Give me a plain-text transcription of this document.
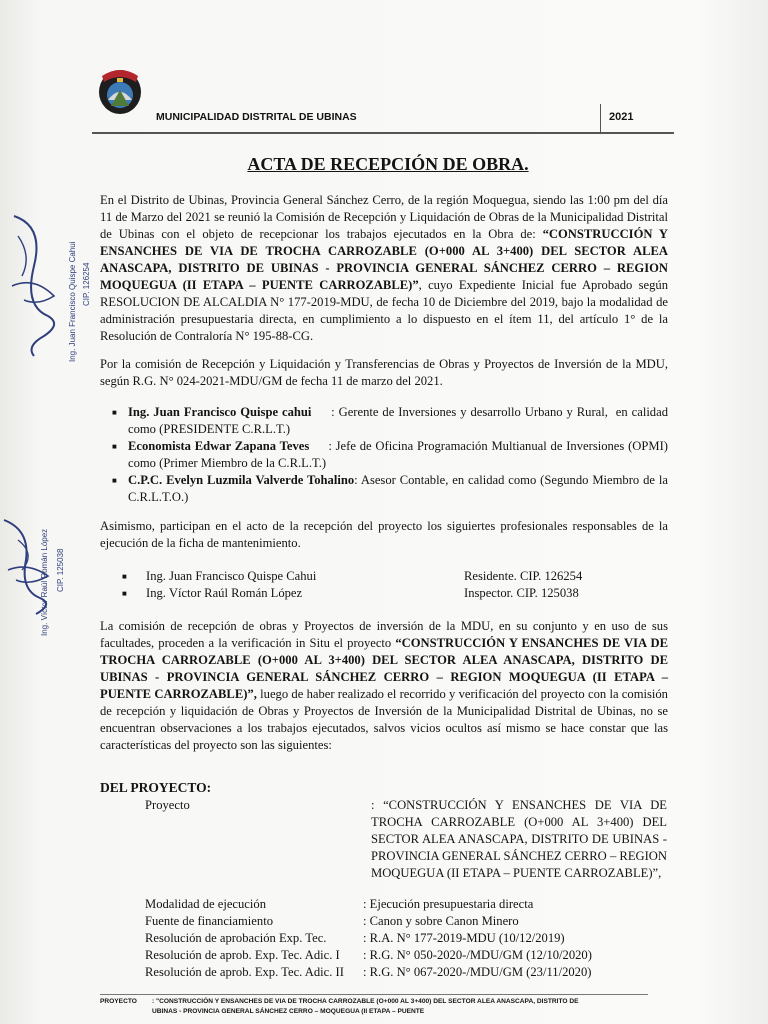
MUNICIPALIDAD DISTRITAL DE UBINAS	2021
ACTA DE RECEPCIÓN DE OBRA.
En el Distrito de Ubinas, Provincia General Sánchez Cerro, de la región Moquegua, siendo las 1:00 pm del día 11 de Marzo del 2021 se reunió la Comisión de Recepción y Liquidación de Obras de la Municipalidad Distrital de Ubinas con el objeto de recepcionar los trabajos ejecutados en la Obra de: “CONSTRUCCIÓN Y ENSANCHES DE VIA DE TROCHA CARROZABLE (O+000 AL 3+400) DEL SECTOR ALEA ANASCAPA, DISTRITO DE UBINAS - PROVINCIA GENERAL SÁNCHEZ CERRO – REGION MOQUEGUA (II ETAPA – PUENTE CARROZABLE)”, cuyo Expediente Inicial fue Aprobado según RESOLUCION DE ALCALDIA N° 177-2019-MDU, de fecha 10 de Diciembre del 2019, bajo la modalidad de administración presupuestaria directa, en cumplimiento a lo dispuesto en el ítem 11, del artículo 1° de la Resolución de Contraloría N° 195-88-CG.
Por la comisión de Recepción y Liquidación y Transferencias de Obras y Proyectos de Inversión de la MDU, según R.G. N° 024-2021-MDU/GM de fecha 11 de marzo del 2021.
■ Ing. Juan Francisco Quispe cahui     : Gerente de Inversiones y desarrollo Urbano y Rural,  en calidad como (PRESIDENTE C.R.L.T.)
■ Economista Edwar Zapana Teves     : Jefe de Oficina Programación Multianual de Inversiones (OPMI) como (Primer Miembro de la C.R.L.T.)
■ C.P.C. Evelyn Luzmila Valverde Tohalino: Asesor Contable, en calidad como (Segundo Miembro de la C.R.L.T.O.)
Asimismo, participan en el acto de la recepción del proyecto los siguiertes profesionales responsables de la ejecución de la ficha de mantenimiento.
■ Ing. Juan Francisco Quispe Cahui	Residente. CIP. 126254
■ Ing. Víctor Raúl Román López	Inspector. CIP. 125038
La comisión de recepción de obras y Proyectos de inversión de la MDU, en su conjunto y en uso de sus facultades, proceden a la verificación in Situ el proyecto “CONSTRUCCIÓN Y ENSANCHES DE VIA DE TROCHA CARROZABLE (O+000 AL 3+400) DEL SECTOR ALEA ANASCAPA, DISTRITO DE UBINAS - PROVINCIA GENERAL SÁNCHEZ CERRO – REGION MOQUEGUA (II ETAPA – PUENTE CARROZABLE)”, luego de haber realizado el recorrido y verificación del proyecto con la comisión de recepción y liquidación de Obras y Proyectos de Inversión de la Municipalidad Distrital de Ubinas, no se encuentran observaciones a los trabajos ejecutados, salvos vicios ocultos así mismo se hace constar que las características del proyecto son las siguientes:
DEL PROYECTO:
Proyecto	: “CONSTRUCCIÓN Y ENSANCHES DE VIA DE TROCHA CARROZABLE (O+000 AL 3+400) DEL SECTOR ALEA ANASCAPA, DISTRITO DE UBINAS - PROVINCIA GENERAL SÁNCHEZ CERRO – REGION MOQUEGUA (II ETAPA – PUENTE CARROZABLE)”,
Modalidad de ejecución	: Ejecución presupuestaria directa
Fuente de financiamiento	: Canon y sobre Canon Minero
Resolución de aprobación Exp. Tec.	: R.A. N° 177-2019-MDU (10/12/2019)
Resolución de aprob. Exp. Tec. Adic. I : R.G. N° 050-2020-/MDU/GM (12/10/2020)
Resolución de aprob. Exp. Tec. Adic. II : R.G. N° 067-2020-/MDU/GM (23/11/2020)
PROYECTO : "CONSTRUCCIÓN Y ENSANCHES DE VIA DE TROCHA CARROZABLE (O+000 AL 3+400) DEL SECTOR ALEA ANASCAPA, DISTRITO DE UBINAS - PROVINCIA GENERAL SÁNCHEZ CERRO – MOQUEGUA (II ETAPA – PUENTE
Ing. Juan Francisco Quispe Cahui CIP. 126254
Ing. Víctor Raúl Román López CIP. 125038
